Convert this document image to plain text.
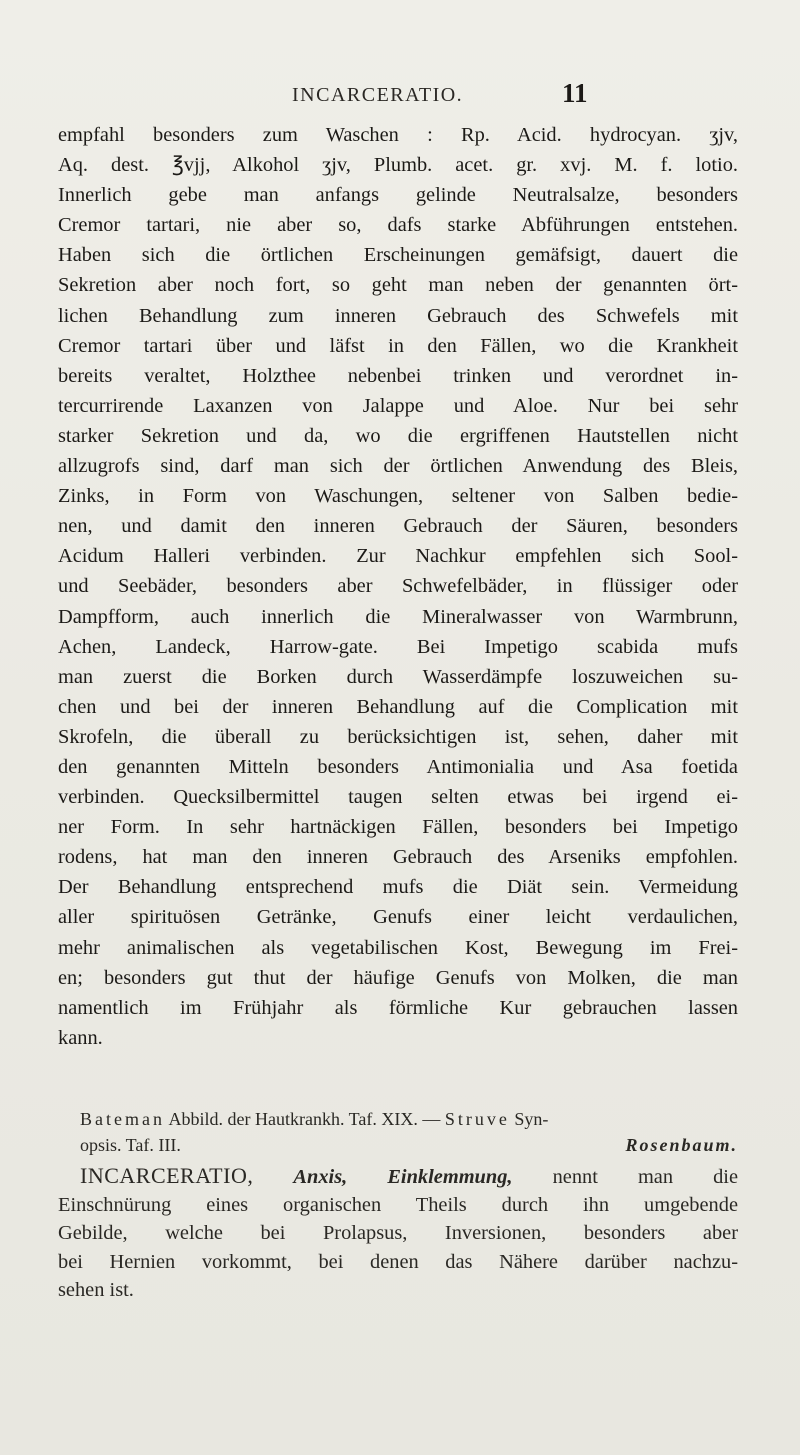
INCARCERATIO.	11
empfahl besonders zum Waschen : Rp. Acid. hydrocyan. ʒjv,
Aq. dest. ℥vjj, Alkohol ʒjv, Plumb. acet. gr. xvj. M. f. lotio.
Innerlich gebe man anfangs gelinde Neutralsalze, besonders
Cremor tartari, nie aber so, dafs starke Abführungen entstehen.
Haben sich die örtlichen Erscheinungen gemäfsigt, dauert die
Sekretion aber noch fort, so geht man neben der genannten ört-
lichen Behandlung zum inneren Gebrauch des Schwefels mit
Cremor tartari über und läfst in den Fällen, wo die Krankheit
bereits veraltet, Holzthee nebenbei trinken und verordnet in-
tercurrirende Laxanzen von Jalappe und Aloe. Nur bei sehr
starker Sekretion und da, wo die ergriffenen Hautstellen nicht
allzugrofs sind, darf man sich der örtlichen Anwendung des Bleis,
Zinks, in Form von Waschungen, seltener von Salben bedie-
nen, und damit den inneren Gebrauch der Säuren, besonders
Acidum Halleri verbinden. Zur Nachkur empfehlen sich Sool-
und Seebäder, besonders aber Schwefelbäder, in flüssiger oder
Dampfform, auch innerlich die Mineralwasser von Warmbrunn,
Achen, Landeck, Harrow-gate. Bei Impetigo scabida mufs
man zuerst die Borken durch Wasserdämpfe loszuweichen su-
chen und bei der inneren Behandlung auf die Complication mit
Skrofeln, die überall zu berücksichtigen ist, sehen, daher mit
den genannten Mitteln besonders Antimonialia und Asa foetida
verbinden. Quecksilbermittel taugen selten etwas bei irgend ei-
ner Form. In sehr hartnäckigen Fällen, besonders bei Impetigo
rodens, hat man den inneren Gebrauch des Arseniks empfohlen.
Der Behandlung entsprechend mufs die Diät sein. Vermeidung
aller spirituösen Getränke, Genufs einer leicht verdaulichen,
mehr animalischen als vegetabilischen Kost, Bewegung im Frei-
en; besonders gut thut der häufige Genufs von Molken, die man
namentlich im Frühjahr als förmliche Kur gebrauchen lassen
kann.
Bateman Abbild. der Hautkrankh. Taf. XIX. — Struve Syn-
opsis. Taf. III.	Rosenbaum.
INCARCERATIO, Anxis, Einklemmung, nennt man die
Einschnürung eines organischen Theils durch ihn umgebende
Gebilde, welche bei Prolapsus, Inversionen, besonders aber
bei Hernien vorkommt, bei denen das Nähere darüber nachzu-
sehen ist.
